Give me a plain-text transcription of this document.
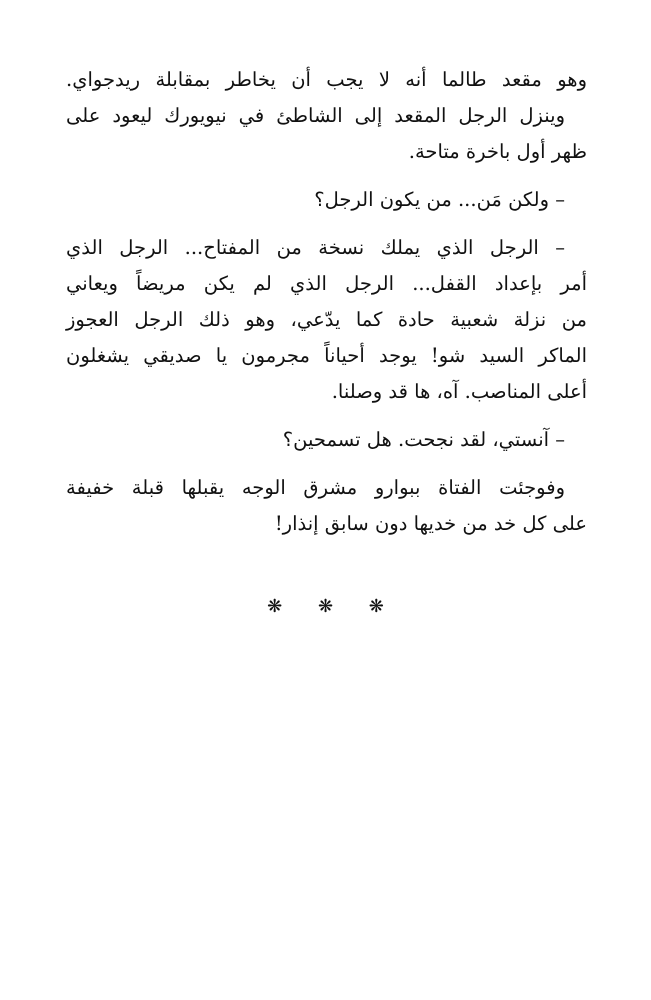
وهو مقعد طالما أنه لا يجب أن يخاطر بمقابلة ريدجواي.
وينزل الرجل المقعد إلى الشاطئ في نيويورك ليعود على
ظهر أول باخرة متاحة.
– ولكن مَن... من يكون الرجل؟
– الرجل الذي يملك نسخة من المفتاح... الرجل الذي
أمر بإعداد القفل... الرجل الذي لم يكن مريضاً ويعاني
من نزلة شعبية حادة كما يدّعي، وهو ذلك الرجل العجوز
الماكر السيد شو! يوجد أحياناً مجرمون يا صديقي يشغلون
أعلى المناصب. آه، ها قد وصلنا.
– آنستي، لقد نجحت. هل تسمحين؟
وفوجئت الفتاة ببوارو مشرق الوجه يقبلها قبلة خفيفة
على كل خد من خديها دون سابق إنذار!
❋ ❋ ❋
